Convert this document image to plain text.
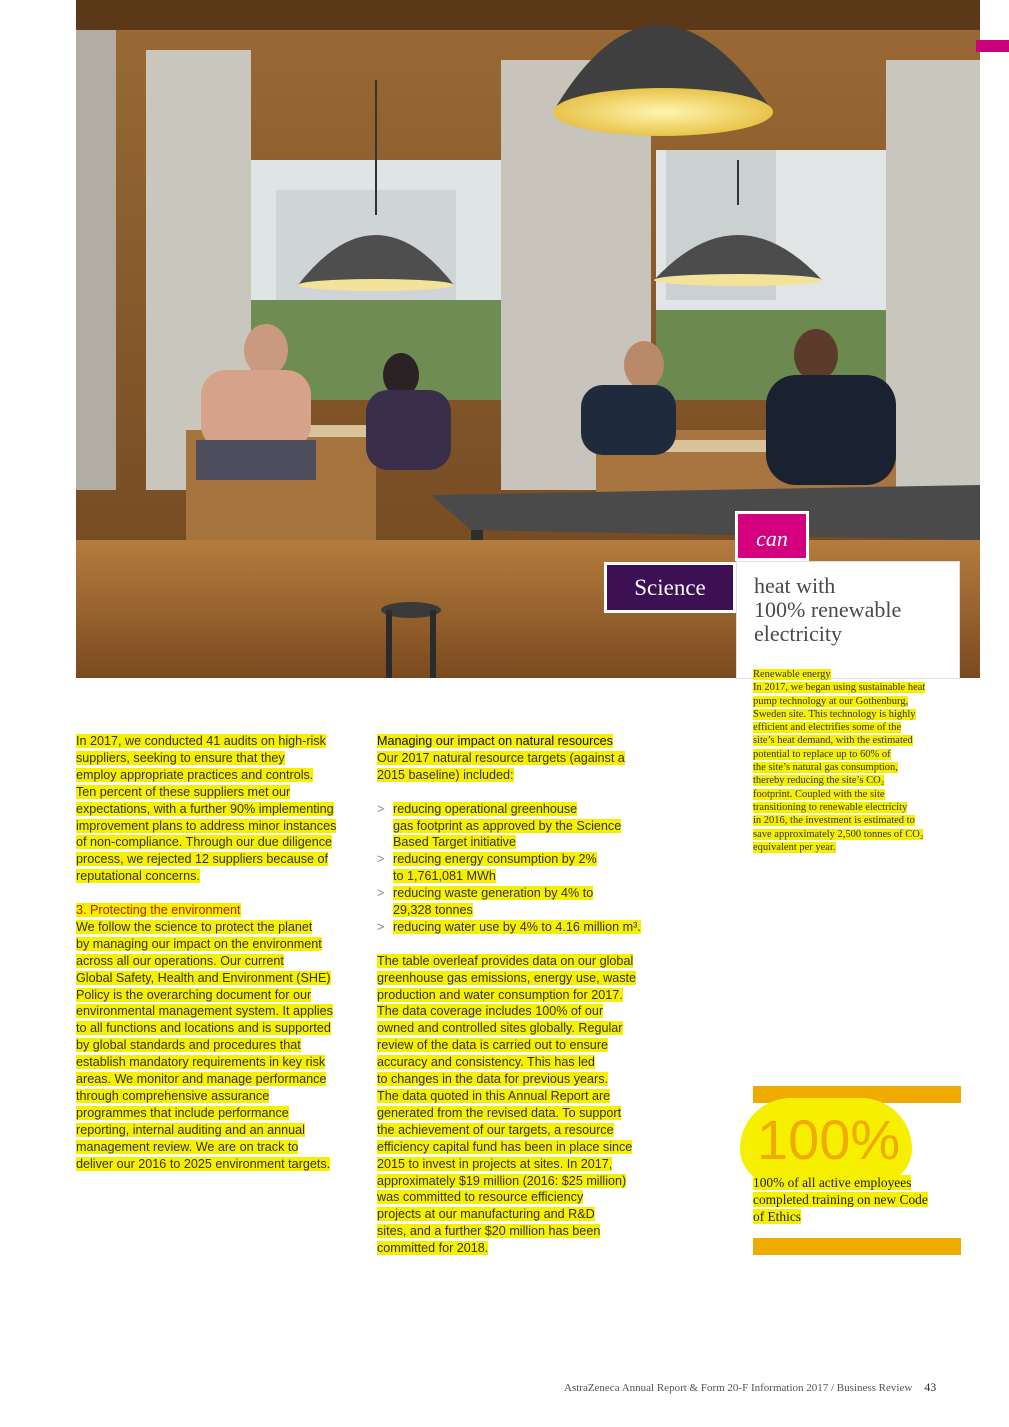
Strategic Report
can
Science	heat with
100% renewable
electricity
Renewable energy
In 2017, we began using sustainable heat
pump technology at our Gothenburg,
Sweden site. This technology is highly
efficient and electrifies some of the
site’s heat demand, with the estimated
potential to replace up to 60% of
the site’s natural gas consumption,
thereby reducing the site’s CO₂
footprint. Coupled with the site
transitioning to renewable electricity
in 2016, the investment is estimated to
save approximately 2,500 tonnes of CO₂
equivalent per year.

In 2017, we conducted 41 audits on high-risk
suppliers, seeking to ensure that they
employ appropriate practices and controls.
Ten percent of these suppliers met our
expectations, with a further 90% implementing
improvement plans to address minor instances
of non-compliance. Through our due diligence
process, we rejected 12 suppliers because of
reputational concerns.

3. Protecting the environment
We follow the science to protect the planet
by managing our impact on the environment
across all our operations. Our current
Global Safety, Health and Environment (SHE)
Policy is the overarching document for our
environmental management system. It applies
to all functions and locations and is supported
by global standards and procedures that
establish mandatory requirements in key risk
areas. We monitor and manage performance
through comprehensive assurance
programmes that include performance
reporting, internal auditing and an annual
management review. We are on track to
deliver our 2016 to 2025 environment targets.

Managing our impact on natural resources
Our 2017 natural resource targets (against a
2015 baseline) included:

> reducing operational greenhouse
gas footprint as approved by the Science
Based Target initiative
> reducing energy consumption by 2%
to 1,761,081 MWh
> reducing waste generation by 4% to
29,328 tonnes
> reducing water use by 4% to 4.16 million m³.

The table overleaf provides data on our global
greenhouse gas emissions, energy use, waste
production and water consumption for 2017.
The data coverage includes 100% of our
owned and controlled sites globally. Regular
review of the data is carried out to ensure
accuracy and consistency. This has led
to changes in the data for previous years.
The data quoted in this Annual Report are
generated from the revised data. To support
the achievement of our targets, a resource
efficiency capital fund has been in place since
2015 to invest in projects at sites. In 2017,
approximately $19 million (2016: $25 million)
was committed to resource efficiency
projects at our manufacturing and R&D
sites, and a further $20 million has been
committed for 2018.

100%
100% of all active employees
completed training on new Code
of Ethics
AstraZeneca Annual Report & Form 20-F Information 2017 / Business Review 43
